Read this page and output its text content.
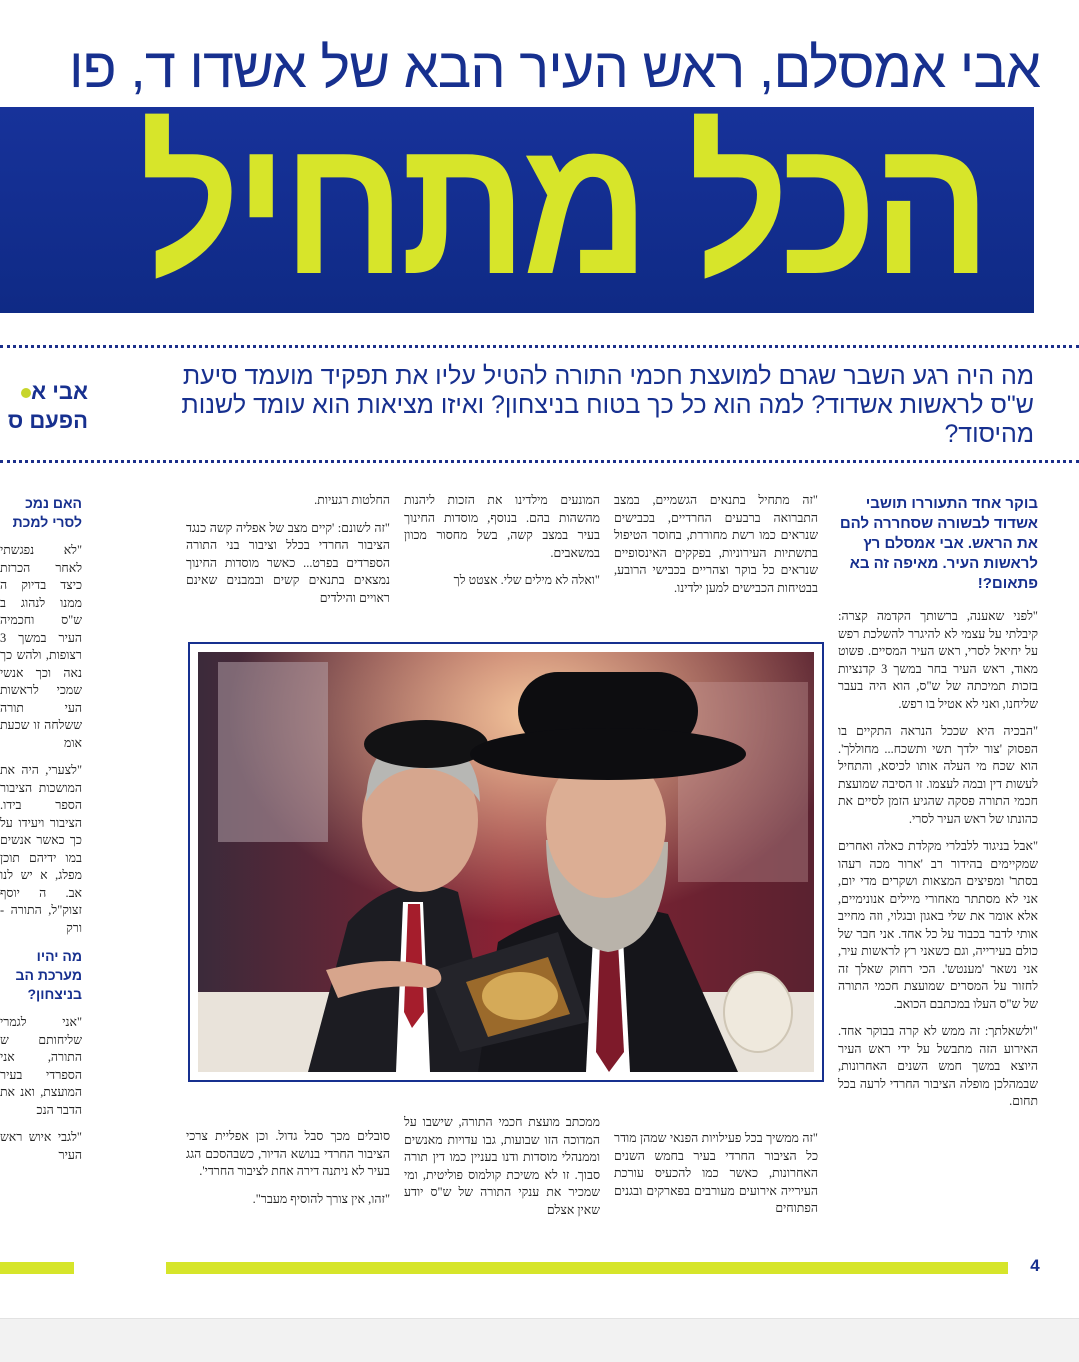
אבי אמסלם, ראש העיר הבא של אשדו ד, פו
הכל מתחיל
מה היה רגע השבר שגרם למועצת חכמי התורה להטיל עליו את תפקיד מועמד סיעת ש"ס לראשות אשדוד? למה הוא כל כך בטוח בניצחון? ואיזו מציאות הוא עומד לשנות מהיסוד?
אבי א
הפעם ס
בוקר אחד התעוררו תושבי אשדוד לבשורה שסחררה להם את הראש. אבי אמסלם רץ לראשות העיר. מאיפה זה בא פתאום?!

"לפני שאענה, ברשותך הקדמה קצרה: קיבלתי על עצמי לא להיגרר להשלכת רפש על יחיאל לסרי, ראש העיר המסיים. פשוט מאוד, ראש העיר בחר במשך 3 קדנציות בזכות תמיכתה של ש"ס, הוא היה בעבר שליחנו, ואני לא אטיל בו רפש.

"הבכיה היא שככל הנראה התקיים בו הפסוק 'צור ילדך תשי ותשכח... מחוללך'. הוא שכח מי העלה אותו לכיסא, והתחיל לעשות דין ובמה לעצמו. זו הסיבה שמועצת חכמי התורה פסקה שהגיע הזמן לסיים את כהונתו של ראש העיר לסרי.

"אבל בניגוד ללבלרי מקלדת כאלה ואחרים שמקיימים בהידור רב 'ארור מכה רעהו בסתר' ומפיצים המצאות ושקרים מדי יום, אני לא מסתתר מאחורי מיילים אנונימיים, אלא אומר את שלי באגון ובגלוי, וזה מחייב אותי לדבר בכבוד על כל אחד. אני חבר של כולם בעירייה, וגם כשאני רץ לראשות עיר, אני נשאר 'מענטש'. הכי רחוק שאלך זה לחזור על המסרים שמועצת חכמי התורה של ש"ס העלו במכתבם הכואב.

"ולשאלתך: זה ממש לא קרה בבוקר אחד. האירוע הזה מתבשל על ידי ראש העיר היוצא במשך חמש השנים האחרונות, שבמהלכן מופלה הציבור החרדי לרעה בכל תחום.

"זה מתחיל בתנאים הגשמיים, במצב התברואה ברבעים החרדיים, בכבישים שנראים כמו רשת מחוררת, בחוסר הטיפול בתשתיות העירוניות, בפקקים האינסופיים שנראים כל בוקר וצהריים בכבישי הרובע, בבטיחות הכבישים למען ילדינו.

"זה ממשיך בכל פעילויות הפנאי שמהן מודר כל הציבור החרדי בעיר בחמש השנים האחרונות, כאשר כמו להכעיס עורכת העירייה אירועים מעורבים בפארקים ובגנים הפתוחים

המונעים מילדינו את הזכות ליהנות מהשהות בהם. בנוסף, מוסדות החינוך בעיר במצב קשה, בשל מחסור מכוון במשאבים.

"ואלה לא מילים שלי. אצטט לך

ממכתב מועצת חכמי התורה, שישבו על המדוכה הזו שבועות, גבו עדויות מאנשים וממנהלי מוסדות ודנו בעניין כמו דין תורה סבוך. זו לא משיכת קולמוס פוליטית, ומי שמכיר את ענקי התורה של ש"ס יודע שאין אצלם

החלטות רגעיות.

"זה לשונם: 'קיים מצב של אפליה קשה כנגד הציבור החרדי בכלל וציבור בני התורה הספרדים בפרט... כאשר מוסדות החינוך נמצאים בתנאים קשים ובמבנים שאינם ראויים והילדים

סובלים מכך סבל גדול. וכן אפליית צרכי הציבור החרדי בנושא הדיור, כשבהסכם הגג בעיר לא ניתנה דירה אחת לציבור החרדי'.

"זהו, אין צורך להוסיף מעבר".

האם נמכ לסרי למכת

"לא נפגשתי לאחר הכרזת כיצד בדיוק ה ממנו לנהוג ב ש"ס וחכמיה העיר במשך 3 רצופות, ולהש כך נאה וכך אנשי שמכי לראשות העי תורה ששלחה זו שכעת אומ

"לצערי, היה את המושכות הציבור הספר בידו. הציבור ויעידו על כך כאשר אנשים במו ידיהם תוכן מפלג, א יש לנו אב. ה יוסף זצוק"ל, התורה - ורק

מה יהיו מערכת הב בניצחון?

"אני לגמרי שליחותם ש התורה, אני הספרדי בעיר המועצת, ואנ את הדבר הנכ

"לגבי איוש ראש העיר

4
